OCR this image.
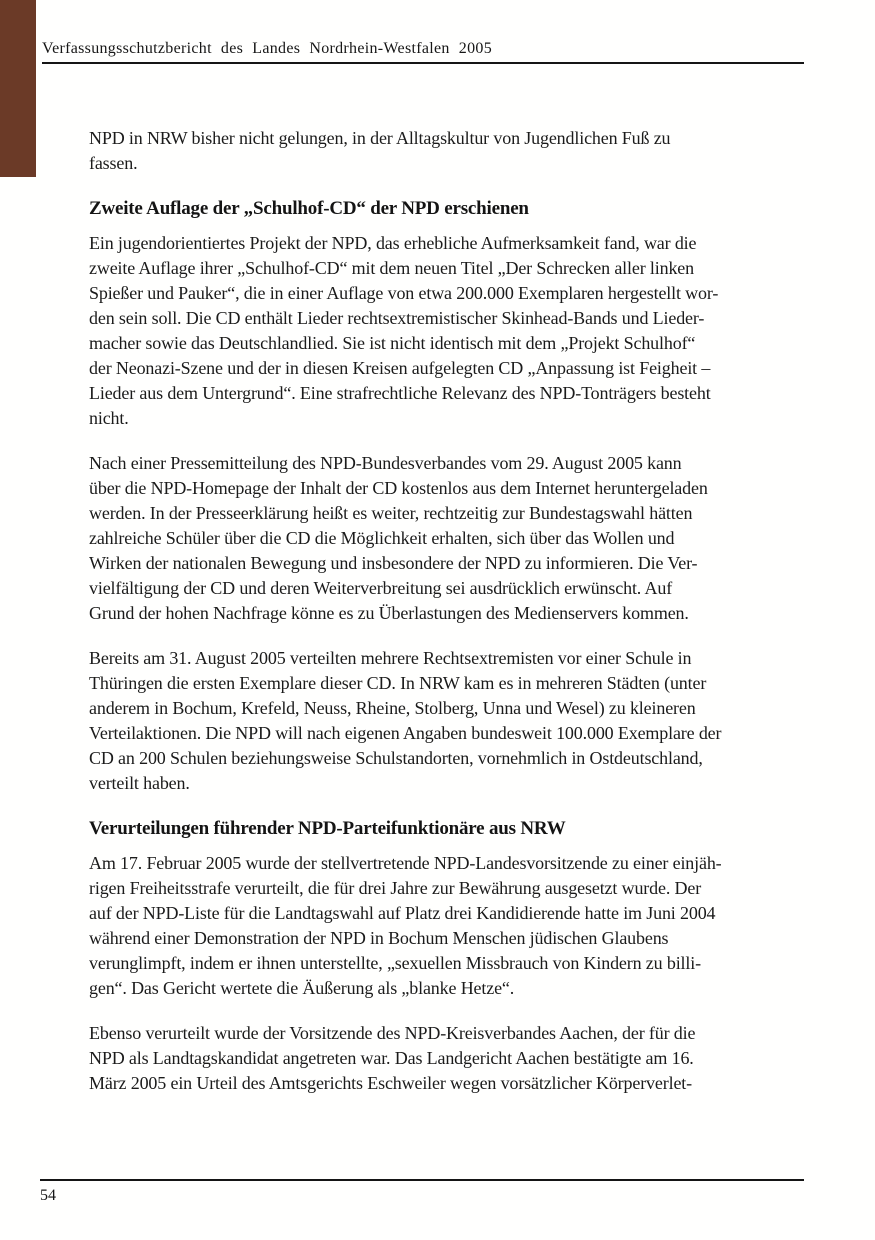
Verfassungsschutzbericht des Landes Nordrhein-Westfalen 2005
NPD in NRW bisher nicht gelungen, in der Alltagskultur von Jugendlichen Fuß zu
fassen.
Zweite Auflage der „Schulhof-CD“ der NPD erschienen
Ein jugendorientiertes Projekt der NPD, das erhebliche Aufmerksamkeit fand, war die
zweite Auflage ihrer „Schulhof-CD“ mit dem neuen Titel „Der Schrecken aller linken
Spießer und Pauker“, die in einer Auflage von etwa 200.000 Exemplaren hergestellt wor-
den sein soll. Die CD enthält Lieder rechtsextremistischer Skinhead-Bands und Lieder-
macher sowie das Deutschlandlied. Sie ist nicht identisch mit dem „Projekt Schulhof“
der Neonazi-Szene und der in diesen Kreisen aufgelegten CD „Anpassung ist Feigheit –
Lieder aus dem Untergrund“. Eine strafrechtliche Relevanz des NPD-Tonträgers besteht
nicht.
Nach einer Pressemitteilung des NPD-Bundesverbandes vom 29. August 2005 kann
über die NPD-Homepage der Inhalt der CD kostenlos aus dem Internet heruntergeladen
werden. In der Presseerklärung heißt es weiter, rechtzeitig zur Bundestagswahl hätten
zahlreiche Schüler über die CD die Möglichkeit erhalten, sich über das Wollen und
Wirken der nationalen Bewegung und insbesondere der NPD zu informieren. Die Ver-
vielfältigung der CD und deren Weiterverbreitung sei ausdrücklich erwünscht. Auf
Grund der hohen Nachfrage könne es zu Überlastungen des Medienservers kommen.
Bereits am 31. August 2005 verteilten mehrere Rechtsextremisten vor einer Schule in
Thüringen die ersten Exemplare dieser CD. In NRW kam es in mehreren Städten (unter
anderem in Bochum, Krefeld, Neuss, Rheine, Stolberg, Unna und Wesel) zu kleineren
Verteilaktionen. Die NPD will nach eigenen Angaben bundesweit 100.000 Exemplare der
CD an 200 Schulen beziehungsweise Schulstandorten, vornehmlich in Ostdeutschland,
verteilt haben.
Verurteilungen führender NPD-Parteifunktionäre aus NRW
Am 17. Februar 2005 wurde der stellvertretende NPD-Landesvorsitzende zu einer einjäh-
rigen Freiheitsstrafe verurteilt, die für drei Jahre zur Bewährung ausgesetzt wurde. Der
auf der NPD-Liste für die Landtagswahl auf Platz drei Kandidierende hatte im Juni 2004
während einer Demonstration der NPD in Bochum Menschen jüdischen Glaubens
verunglimpft, indem er ihnen unterstellte, „sexuellen Missbrauch von Kindern zu billi-
gen“. Das Gericht wertete die Äußerung als „blanke Hetze“.
Ebenso verurteilt wurde der Vorsitzende des NPD-Kreisverbandes Aachen, der für die
NPD als Landtagskandidat angetreten war. Das Landgericht Aachen bestätigte am 16.
März 2005 ein Urteil des Amtsgerichts Eschweiler wegen vorsätzlicher Körperverlet-
54
